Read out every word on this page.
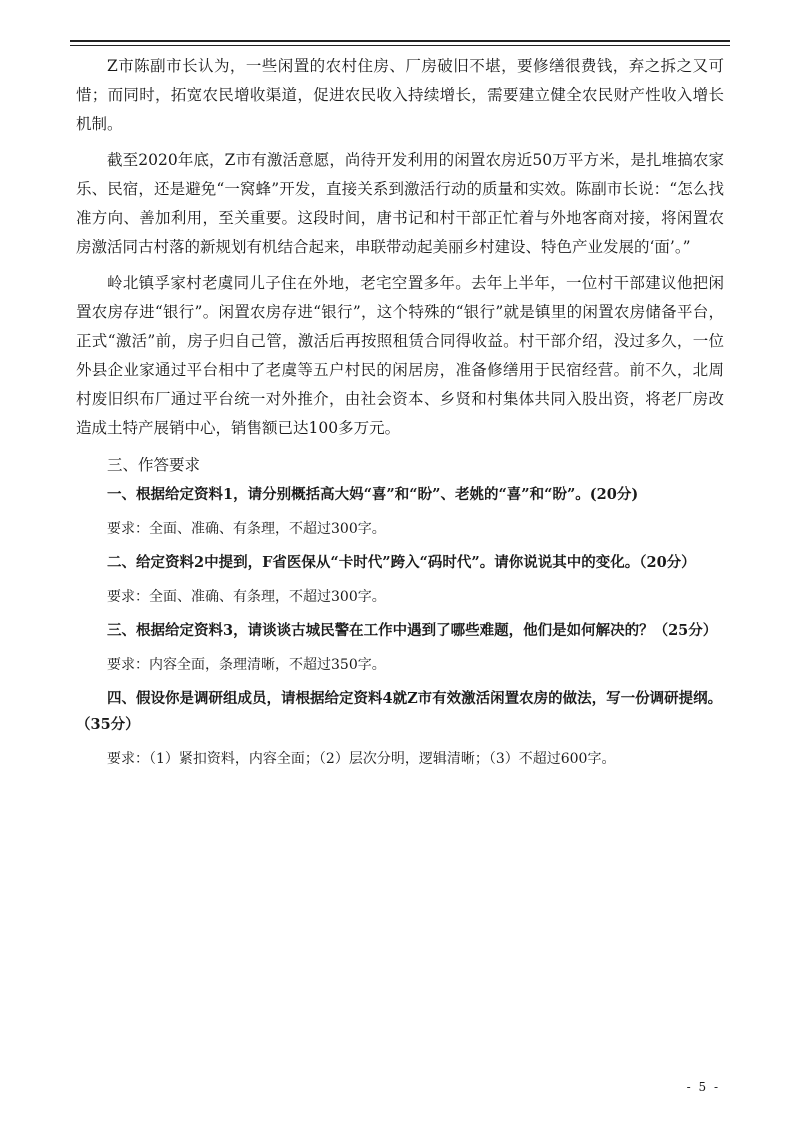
Z市陈副市长认为，一些闲置的农村住房、厂房破旧不堪，要修缮很费钱，弃之拆之又可惜；而同时，拓宽农民增收渠道，促进农民收入持续增长，需要建立健全农民财产性收入增长机制。

截至2020年底，Z市有激活意愿，尚待开发利用的闲置农房近50万平方米，是扎堆搞农家乐、民宿，还是避免“一窝蜂”开发，直接关系到激活行动的质量和实效。陈副市长说：“怎么找准方向、善加利用，至关重要。这段时间，唐书记和村干部正忙着与外地客商对接，将闲置农房激活同古村落的新规划有机结合起来，串联带动起美丽乡村建设、特色产业发展的‘面’。”

岭北镇孚家村老虞同儿子住在外地，老宅空置多年。去年上半年，一位村干部建议他把闲置农房存进“银行”。闲置农房存进“银行”，这个特殊的“银行”就是镇里的闲置农房储备平台，正式“激活”前，房子归自己管，激活后再按照租赁合同得收益。村干部介绍，没过多久，一位外县企业家通过平台相中了老虞等五户村民的闲居房，准备修缮用于民宿经营。前不久，北周村废旧织布厂通过平台统一对外推介，由社会资本、乡贤和村集体共同入股出资，将老厂房改造成土特产展销中心，销售额已达100多万元。

三、作答要求

一、根据给定资料1，请分别概括高大妈“喜”和“盼”、老姚的“喜”和“盼”。(20分)

要求：全面、准确、有条理，不超过300字。

二、给定资料2中提到，F省医保从“卡时代”跨入“码时代”。请你说说其中的变化。（20分）

要求：全面、准确、有条理，不超过300字。

三、根据给定资料3，请谈谈古城民警在工作中遇到了哪些难题，他们是如何解决的？（25分）

要求：内容全面，条理清晰，不超过350字。

四、假设你是调研组成员，请根据给定资料4就Z市有效激活闲置农房的做法，写一份调研提纲。（35分）

要求：（1）紧扣资料，内容全面；（2）层次分明，逻辑清晰；（3）不超过600字。

- 5 -
